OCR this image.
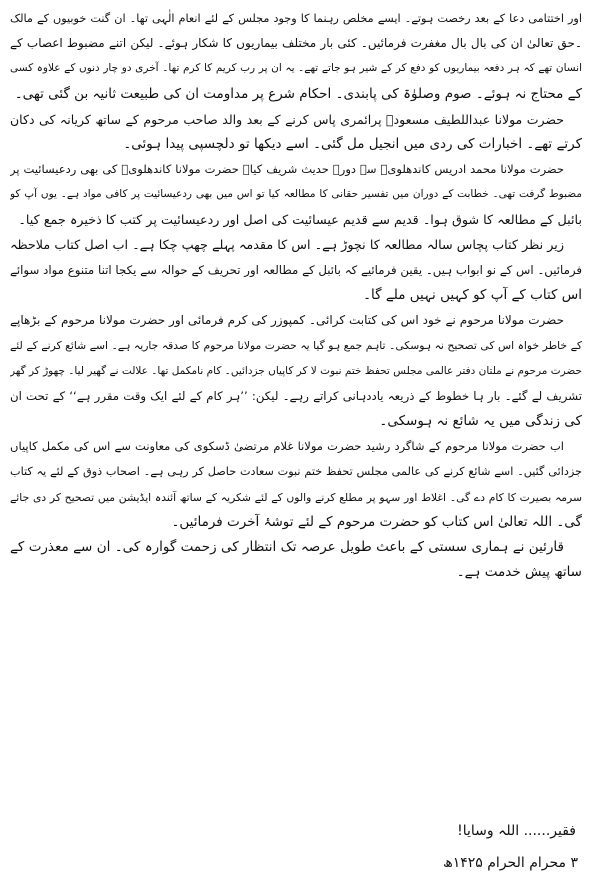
اور اختتامی دعا کے بعد رخصت ہوتے۔ ایسے مخلص رہنما کا وجود مجلس کے لئے انعام الٰہی تھا۔ ان گنت خوبیوں کے مالک
۔حق تعالیٰ ان کی بال بال مغفرت فرمائیں۔ کئی بار مختلف بیماریوں کا شکار ہوئے۔ لیکن اتنے مضبوط اعصاب کے
انسان تھے کہ ہر دفعہ بیماریوں کو دفع کر کے شیر ہو جاتے تھے۔ یہ ان پر رب کریم کا کرم تھا۔ آخری دو چار دنوں کے علاوہ کسی
کے محتاج نہ ہوئے۔ صوم وصلوٰۃ کی پابندی۔ احکام شرع پر مداومت ان کی طبیعت ثانیہ بن گئی تھی۔
حضرت مولانا عبداللطیف مسعودؒ پرائمری پاس کرنے کے بعد والد صاحب مرحوم کے ساتھ کریانہ کی دکان
کرتے تھے۔ اخبارات کی ردی میں انجیل مل گئی۔ اسے دیکھا تو دلچسپی پیدا ہوئی۔
حضرت مولانا محمد ادریس کاندھلویؒ سے دورہ حدیث شریف کیا۔ حضرت مولانا کاندھلویؒ کی بھی ردعیسائیت پر
مضبوط گرفت تھی۔ خطابت کے دوران میں تفسیر حقانی کا مطالعہ کیا تو اس میں بھی ردعیسائیت پر کافی مواد ہے۔ یوں آپ کو
بائبل کے مطالعہ کا شوق ہوا۔ قدیم سے قدیم عیسائیت کی اصل اور ردعیسائیت پر کتب کا ذخیرہ جمع کیا۔
زیر نظر کتاب پچاس سالہ مطالعہ کا نچوڑ ہے۔ اس کا مقدمہ پہلے چھپ چکا ہے۔ اب اصل کتاب ملاحظہ
فرمائیں۔ اس کے نو ابواب ہیں۔ یقین فرمائیے کہ بائبل کے مطالعہ اور تحریف کے حوالہ سے یکجا اتنا متنوع مواد سوائے
اس کتاب کے آپ کو کہیں نہیں ملے گا۔
حضرت مولانا مرحوم نے خود اس کی کتابت کرائی۔ کمپوزر کی کرم فرمائی اور حضرت مولانا مرحوم کے بڑھاپے
کے خاطر خواہ اس کی تصحیح نہ ہوسکی۔ تاہم جمع ہو گیا یہ حضرت مولانا مرحوم کا صدقہ جاریہ ہے۔ اسے شائع کرنے کے لئے
حضرت مرحوم نے ملتان دفتر عالمی مجلس تحفظ ختم نبوت لا کر کاپیاں جزدائیں۔ کام نامکمل تھا۔ علالت نے گھیر لیا۔ چھوڑ کر گھر
تشریف لے گئے۔ بار ہا خطوط کے ذریعہ یاددہانی کراتے رہے۔ لیکن: ’’ہر کام کے لئے ایک وقت مقرر ہے‘‘ کے تحت ان
کی زندگی میں یہ شائع نہ ہوسکی۔
اب حضرت مولانا مرحوم کے شاگرد رشید حضرت مولانا غلام مرتضیٰ ڈسکوی کی معاونت سے اس کی مکمل کاپیاں
جزدائی گئیں۔ اسے شائع کرنے کی عالمی مجلس تحفظ ختم نبوت سعادت حاصل کر رہی ہے۔ اصحاب ذوق کے لئے یہ کتاب
سرمہ بصیرت کا کام دے گی۔ اغلاط اور سہو پر مطلع کرنے والوں کے لئے شکریہ کے ساتھ آئندہ ایڈیشن میں تصحیح کر دی جائے
گی۔ اللہ تعالیٰ اس کتاب کو حضرت مرحوم کے لئے توشۂ آخرت فرمائیں۔
قارئین نے ہماری سستی کے باعث طویل عرصہ تک انتظار کی زحمت گوارہ کی۔ ان سے معذرت کے
ساتھ پیش خدمت ہے۔
فقیر...... اللہ وسایا!
۳ محرام الحرام ۱۴۲۵ھ
